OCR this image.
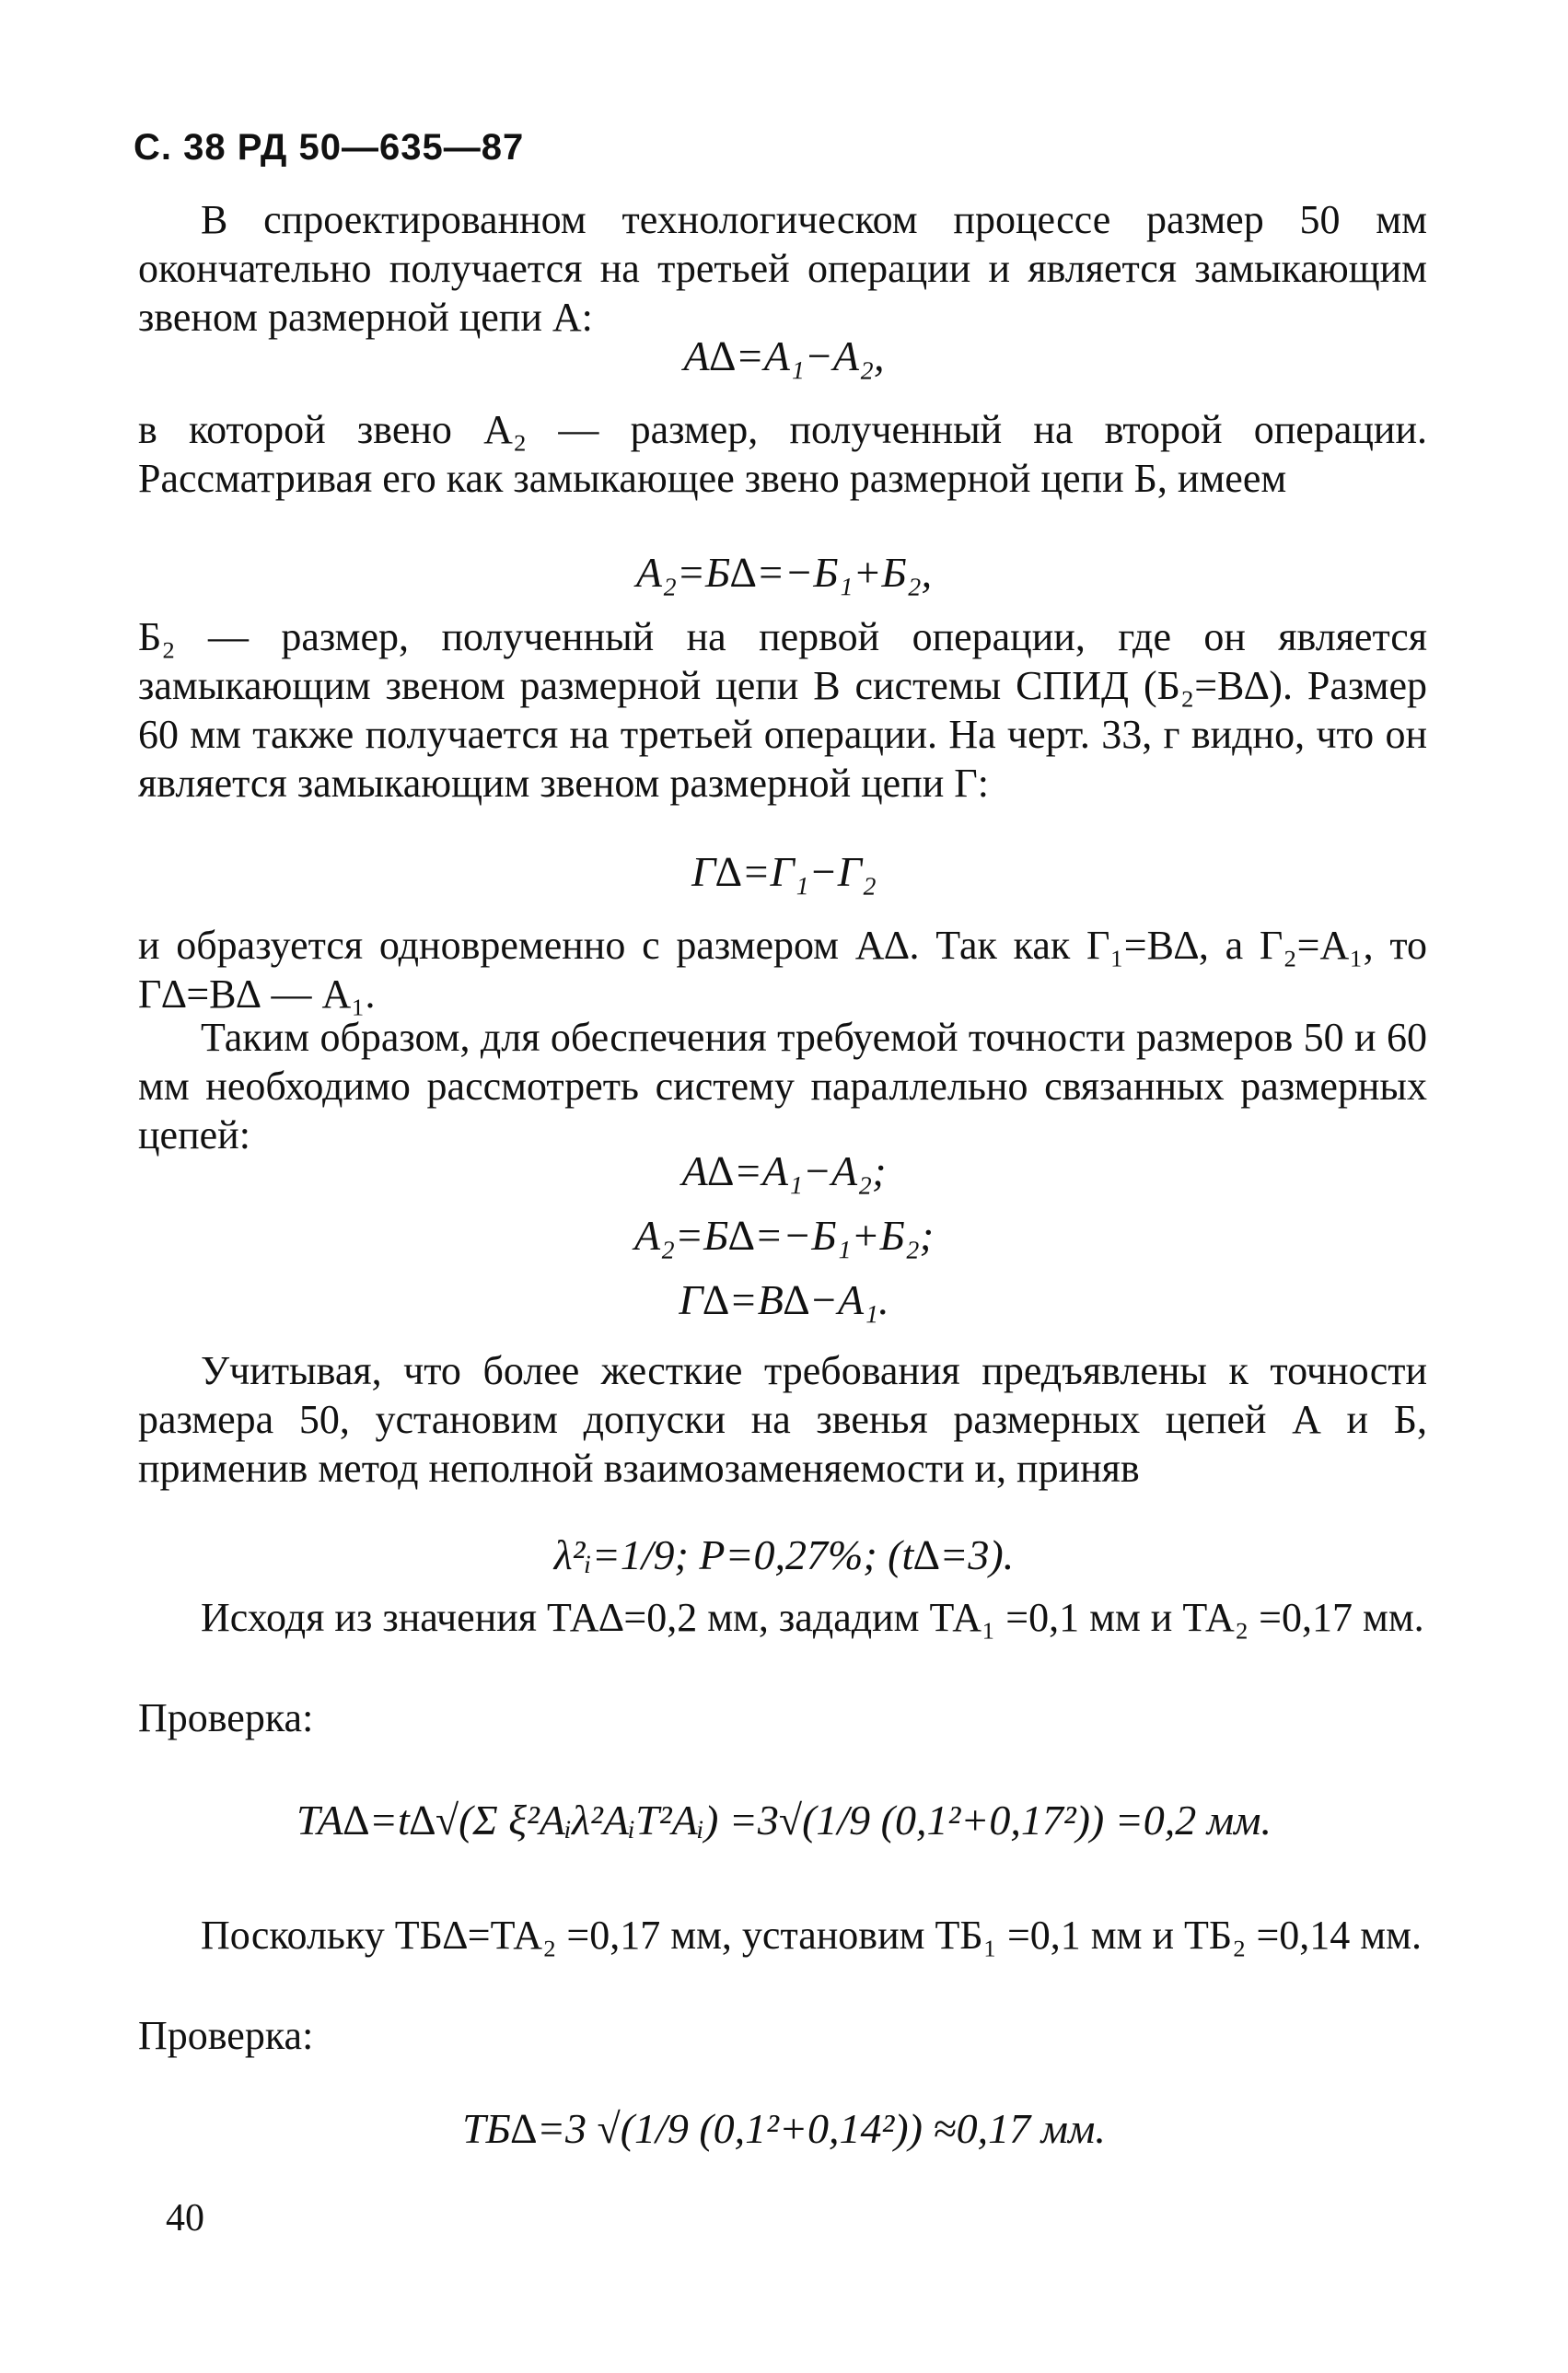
С. 38 РД 50—635—87

В спроектированном технологическом процессе размер 50 мм окончательно получается на третьей операции и является замыкающим звеном размерной цепи А:

А∆=А₁−А₂,

в которой звено А₂ — размер, полученный на второй операции. Рассматривая его как замыкающее звено размерной цепи Б, имеем

А₂=Б∆=−Б₁+Б₂,

Б₂ — размер, полученный на первой операции, где он является замыкающим звеном размерной цепи В системы СПИД (Б₂=В∆). Размер 60 мм также получается на третьей операции. На черт. 33, г видно, что он является замыкающим звеном размерной цепи Г:

Г∆=Г₁−Г₂

и образуется одновременно с размером А∆. Так как Г₁=В∆, а Г₂=А₁, то Г∆=В∆ — А₁.

Таким образом, для обеспечения требуемой точности размеров 50 и 60 мм необходимо рассмотреть систему параллельно связанных размерных цепей:

А∆=А₁−А₂;
А₂=Б∆=−Б₁+Б₂;
Г∆=В∆−А₁.

Учитывая, что более жесткие требования предъявлены к точности размера 50, установим допуски на звенья размерных цепей А и Б, применив метод неполной взаимозаменяемости и, приняв

λ²ᵢ=1/9; Р=0,27%; (t∆=3).

Исходя из значения ТА∆=0,2 мм, зададим ТА₁ =0,1 мм и ТА₂ =0,17 мм.

Проверка:
ТА∆=t∆√(Σ ξ²Aᵢλ²AᵢT²Aᵢ) =3√(1/9 (0,1²+0,17²)) =0,2 мм.

Поскольку ТБ∆=ТА₂ =0,17 мм, установим ТБ₁ =0,1 мм и ТБ₂ =0,14 мм.

Проверка:
ТБ∆=3 √(1/9 (0,1²+0,14²)) ≈0,17 мм.
40
